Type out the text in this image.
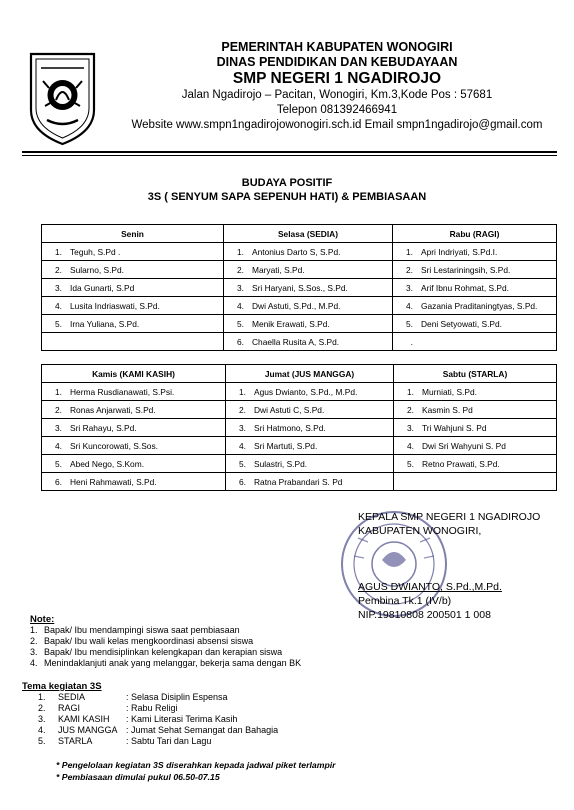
PEMERINTAH KABUPATEN WONOGIRI
DINAS PENDIDIKAN DAN KEBUDAYAAN
SMP NEGERI 1 NGADIROJO
Jalan Ngadirojo – Pacitan, Wonogiri, Km.3,Kode Pos : 57681
Telepon 081392466941
Website www.smpn1ngadirojowonogiri.sch.id Email smpn1ngadirojo@gmail.com
BUDAYA POSITIF
3S ( SENYUM SAPA SEPENUH HATI) & PEMBIASAAN
Senin	Selasa (SEDIA)	Rabu (RAGI)
1. Teguh, S.Pd .	1. Antonius Darto S, S.Pd.	1. Apri Indriyati, S.Pd.I.
2. Sularno, S.Pd.	2. Maryati, S.Pd.	2. Sri Lestariningsih, S.Pd.
3. Ida Gunarti, S.Pd	3. Sri Haryani, S.Sos., S.Pd.	3. Arif Ibnu Rohmat, S.Pd.
4. Lusita Indriaswati, S.Pd.	4. Dwi Astuti, S.Pd., M.Pd.	4. Gazania Praditaningtyas, S.Pd.
5. Irna Yuliana, S.Pd.	5. Menik Erawati, S.Pd.	5. Deni Setyowati, S.Pd.
	6. Chaella Rusita A, S.Pd.	.
Kamis (KAMI KASIH)	Jumat (JUS MANGGA)	Sabtu (STARLA)
1. Herma Rusdianawati, S.Psi.	1. Agus Dwianto, S.Pd., M.Pd.	1. Murniati, S.Pd.
2. Ronas Anjarwati, S.Pd.	2. Dwi Astuti C, S.Pd.	2. Kasmin S. Pd
3. Sri Rahayu, S.Pd.	3. Sri Hatmono, S.Pd.	3. Tri Wahjuni S. Pd
4. Sri Kuncorowati, S.Sos.	4. Sri Martuti, S.Pd.	4. Dwi Sri Wahyuni S. Pd
5. Abed Nego, S.Kom.	5. Sulastri, S.Pd.	5. Retno Prawati, S.Pd.
6. Heni Rahmawati, S.Pd.	6. Ratna Prabandari S. Pd	
KEPALA SMP NEGERI 1 NGADIROJO
KABUPATEN WONOGIRI,
AGUS DWIANTO, S.Pd.,M.Pd.
Pembina Tk.1 (IV/b)
NIP.19810808 200501 1 008
Note:
1. Bapak/ Ibu mendampingi siswa saat pembiasaan
2. Bapak/ Ibu wali kelas mengkoordinasi absensi siswa
3. Bapak/ Ibu mendisiplinkan kelengkapan dan kerapian siswa
4. Menindaklanjuti anak yang melanggar, bekerja sama dengan BK
Tema kegiatan 3S
1. SEDIA	: Selasa Disiplin Espensa
2. RAGI	: Rabu Religi
3. KAMI KASIH : Kami Literasi Terima Kasih
4. JUS MANGGA : Jumat Sehat Semangat dan Bahagia
5. STARLA	: Sabtu Tari dan Lagu
* Pengelolaan kegiatan 3S diserahkan kepada jadwal piket terlampir
* Pembiasaan dimulai pukul 06.50-07.15
